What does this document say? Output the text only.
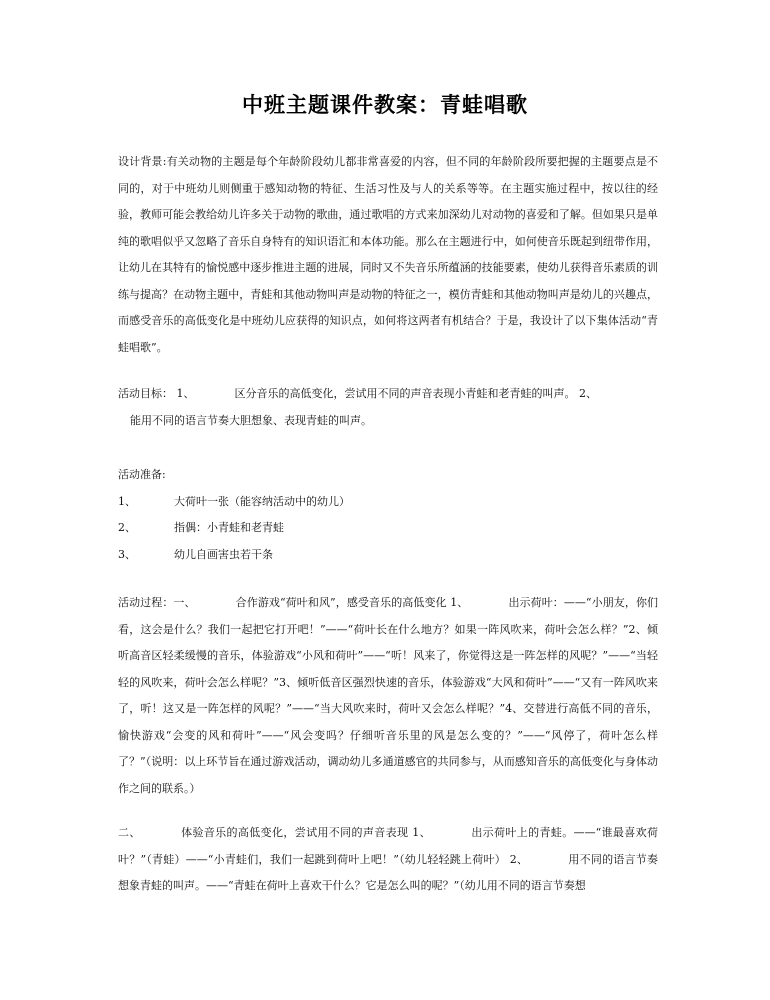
中班主题课件教案：青蛙唱歌
设计背景:有关动物的主题是每个年龄阶段幼儿都非常喜爱的内容，但不同的年龄阶段所要把握的主题要点是不同的，对于中班幼儿则侧重于感知动物的特征、生活习性及与人的关系等等。在主题实施过程中，按以往的经验，教师可能会教给幼儿许多关于动物的歌曲，通过歌唱的方式来加深幼儿对动物的喜爱和了解。但如果只是单纯的歌唱似乎又忽略了音乐自身特有的知识语汇和本体功能。那么在主题进行中，如何使音乐既起到纽带作用，让幼儿在其特有的愉悦感中逐步推进主题的进展，同时又不失音乐所蕴涵的技能要素，使幼儿获得音乐素质的训练与提高？在动物主题中，青蛙和其他动物叫声是动物的特征之一，模仿青蛙和其他动物叫声是幼儿的兴趣点，而感受音乐的高低变化是中班幼儿应获得的知识点，如何将这两者有机结合？于是，我设计了以下集体活动“青蛙唱歌”。
活动目标： 1、	区分音乐的高低变化，尝试用不同的声音表现小青蛙和老青蛙的叫声。 2、
能用不同的语言节奏大胆想象、表现青蛙的叫声。
活动准备:
1、	大荷叶一张（能容纳活动中的幼儿）
2、	指偶：小青蛙和老青蛙
3、	幼儿自画害虫若干条
活动过程：一、	合作游戏“荷叶和风”，感受音乐的高低变化 1、	出示荷叶：——“小朋友，你们看，这会是什么？我们一起把它打开吧！”——“荷叶长在什么地方？如果一阵风吹来，荷叶会怎么样？”2、倾听高音区轻柔缓慢的音乐，体验游戏“小风和荷叶”——“听！风来了，你觉得这是一阵怎样的风呢？”——“当轻轻的风吹来，荷叶会怎么样呢？”3、倾听低音区强烈快速的音乐，体验游戏“大风和荷叶”——“又有一阵风吹来了，听！这又是一阵怎样的风呢？”——“当大风吹来时，荷叶又会怎么样呢？”4、交替进行高低不同的音乐，愉快游戏“会变的风和荷叶”——“风会变吗？仔细听音乐里的风是怎么变的？”——“风停了，荷叶怎么样了？”（说明：以上环节旨在通过游戏活动，调动幼儿多通道感官的共同参与，从而感知音乐的高低变化与身体动作之间的联系。）
二、	体验音乐的高低变化，尝试用不同的声音表现 1、	出示荷叶上的青蛙。——“谁最喜欢荷叶？”（青蛙）——“小青蛙们，我们一起跳到荷叶上吧！”（幼儿轻轻跳上荷叶） 2、	用不同的语言节奏想象青蛙的叫声。——“青蛙在荷叶上喜欢干什么？它是怎么叫的呢？”（幼儿用不同的语言节奏想
